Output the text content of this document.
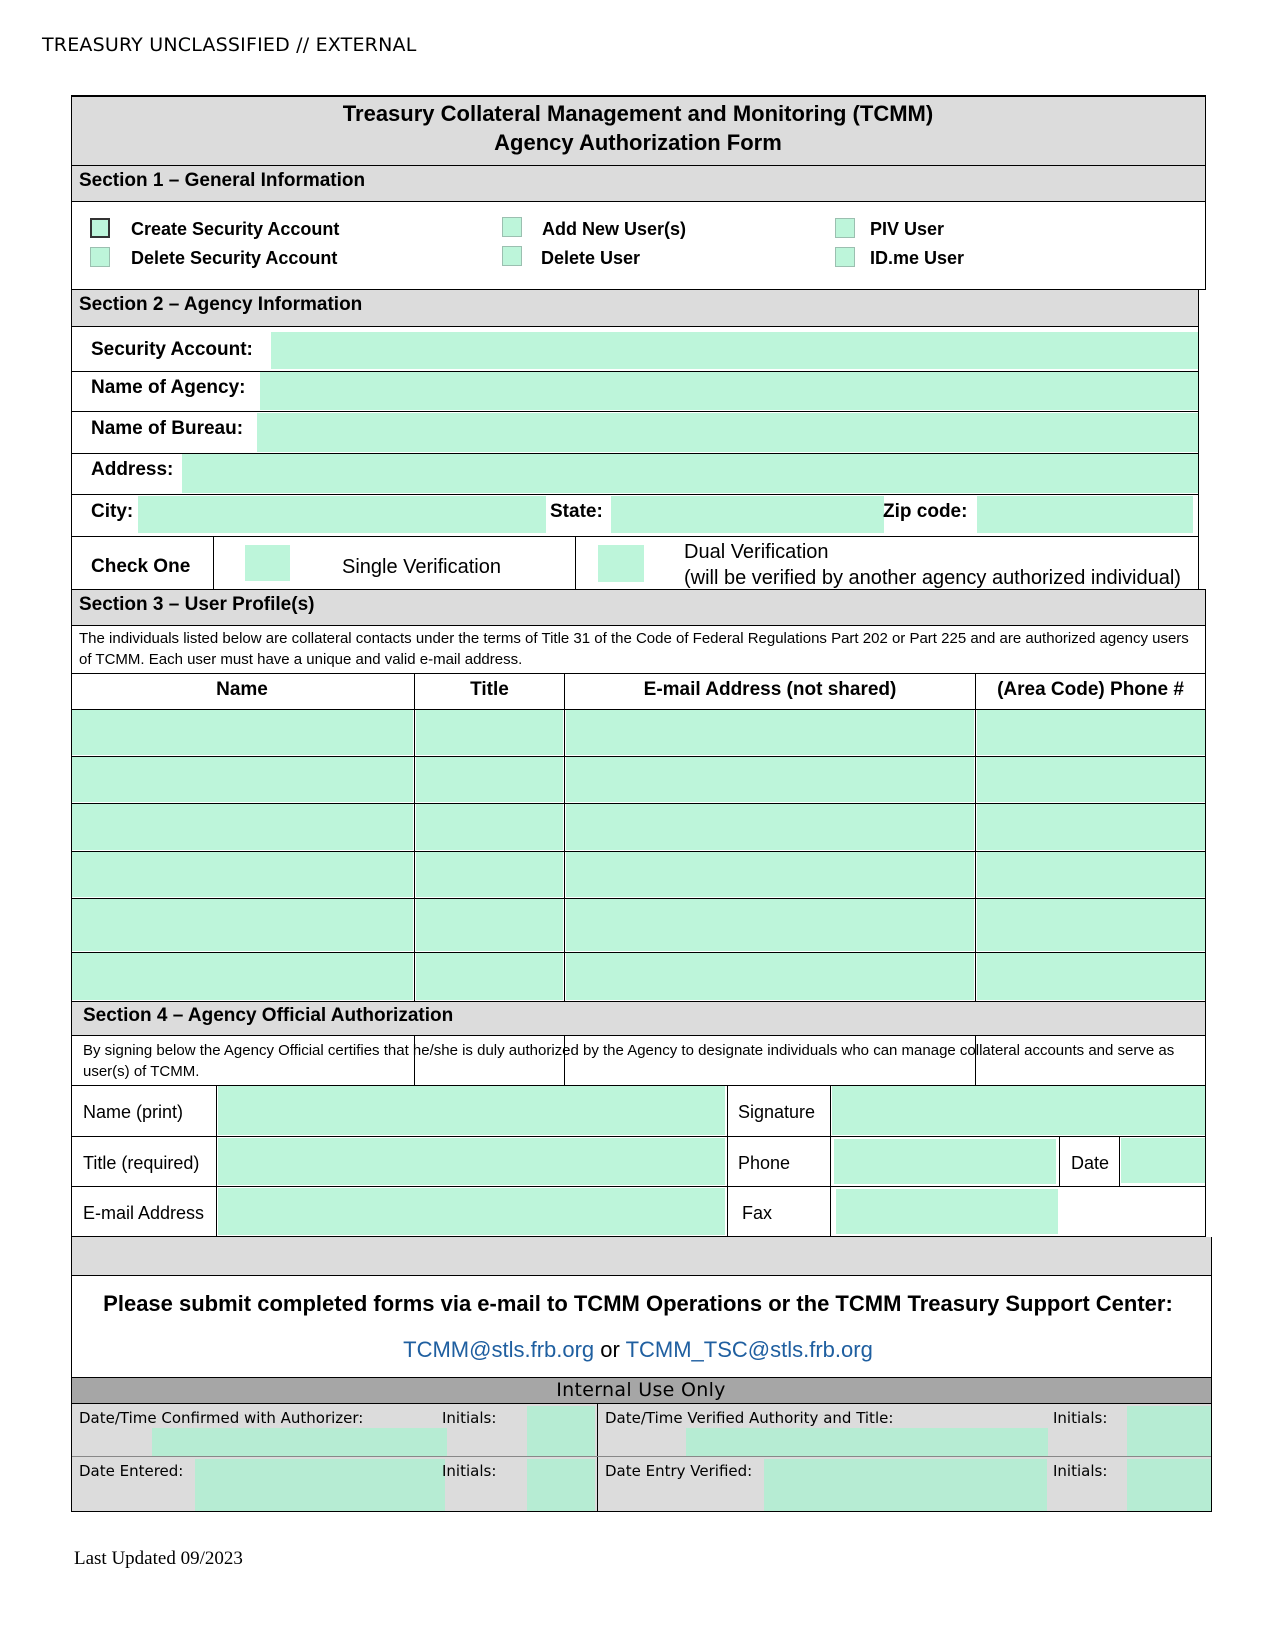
TREASURY UNCLASSIFIED // EXTERNAL
Treasury Collateral Management and Monitoring (TCMM)
Agency Authorization Form
Section 1 – General Information
Create Security Account
Delete Security Account
Add New User(s)
Delete User
PIV User
ID.me User
Section 2 – Agency Information
Security Account:
Name of Agency:
Name of Bureau:
Address:
City:	State:	Zip code:
Check One	Single Verification
Dual Verification
(will be verified by another agency authorized individual)
Section 3 – User Profile(s)
The individuals listed below are collateral contacts under the terms of Title 31 of the Code of Federal Regulations Part 202 or Part 225 and are authorized agency users of TCMM. Each user must have a unique and valid e-mail address.
Name	Title	E-mail Address (not shared)	(Area Code) Phone #
Section 4 – Agency Official Authorization
By signing below the Agency Official certifies that he/she is duly authorized by the Agency to designate individuals who can manage collateral accounts and serve as user(s) of TCMM.
Name (print)	Signature
Title (required)	Phone	Date
E-mail Address	Fax
Please submit completed forms via e-mail to TCMM Operations or the TCMM Treasury Support Center:
TCMM@stls.frb.org or TCMM_TSC@stls.frb.org
Internal Use Only
Date/Time Confirmed with Authorizer:	Initials:	Date/Time Verified Authority and Title:	Initials:
Date Entered:	Initials:	Date Entry Verified:	Initials:
Last Updated 09/2023
